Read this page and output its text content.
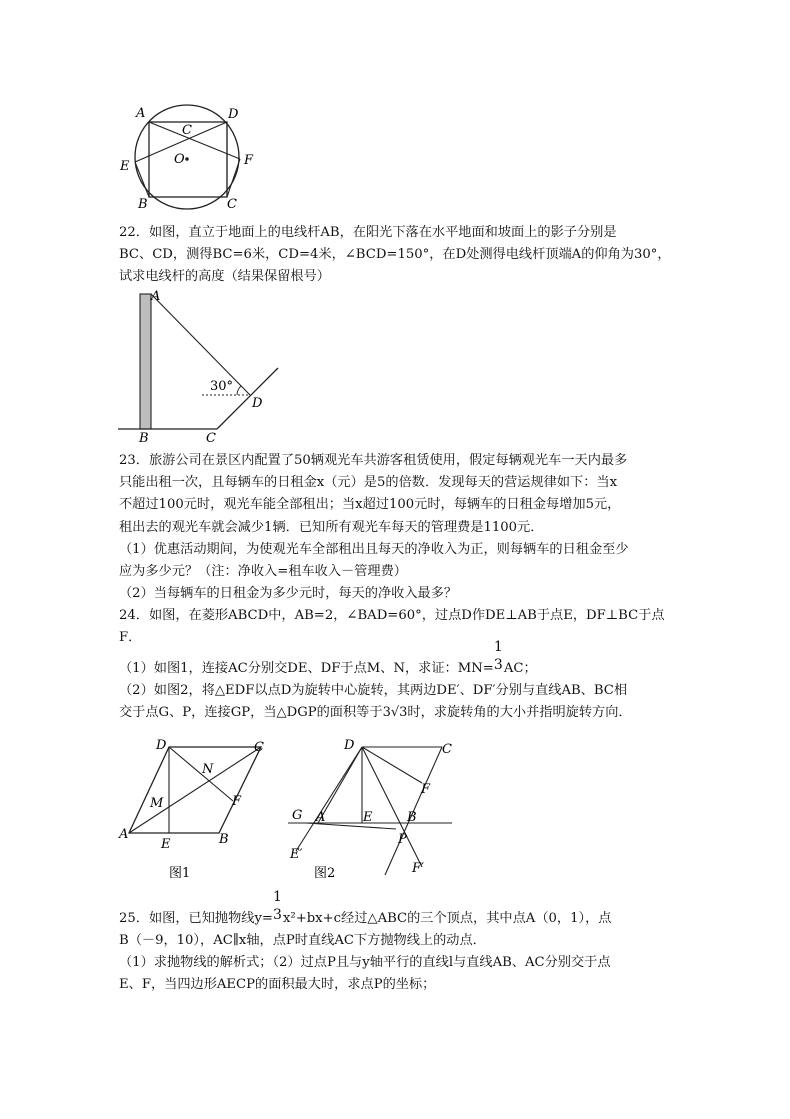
A	D
C
O
E	F
B	C
22．如图，直立于地面上的电线杆AB，在阳光下落在水平地面和坡面上的影子分别是
BC、CD，测得BC=6米，CD=4米，∠BCD=150°，在D处测得电线杆顶端A的仰角为30°，
试求电线杆的高度（结果保留根号）
A
30°
D
B	C
23．旅游公司在景区内配置了50辆观光车共游客租赁使用，假定每辆观光车一天内最多
只能出租一次，且每辆车的日租金x（元）是5的倍数．发现每天的营运规律如下：当x
不超过100元时，观光车能全部租出；当x超过100元时，每辆车的日租金每增加5元，
租出去的观光车就会减少1辆．已知所有观光车每天的管理费是1100元．
（1）优惠活动期间，为使观光车全部租出且每天的净收入为正，则每辆车的日租金至少
应为多少元？（注：净收入=租车收入－管理费）
（2）当每辆车的日租金为多少元时，每天的净收入最多？
24．如图，在菱形ABCD中，AB=2，∠BAD=60°，过点D作DE⊥AB于点E，DF⊥BC于点
F．
（1）如图1，连接AC分别交DE、DF于点M、N，求证：MN=
1
3 AC；
（2）如图2，将△EDF以点D为旋转中心旋转，其两边DE′、DF′分别与直线AB、BC相
交于点G、P，连接GP，当△DGP的面积等于3√3时，求旋转角的大小并指明旋转方向．
D	C
N
M	F
A
E	B
图1
D	C
F
G A	E	B
P
E′
F′
图2
25．如图，已知抛物线y=
1
3 x²+bx+c经过△ABC的三个顶点，其中点A（0，1），点
B（－9，10），AC∥x轴，点P时直线AC下方抛物线上的动点．
（1）求抛物线的解析式；（2）过点P且与y轴平行的直线l与直线AB、AC分别交于点
E、F，当四边形AECP的面积最大时，求点P的坐标；
